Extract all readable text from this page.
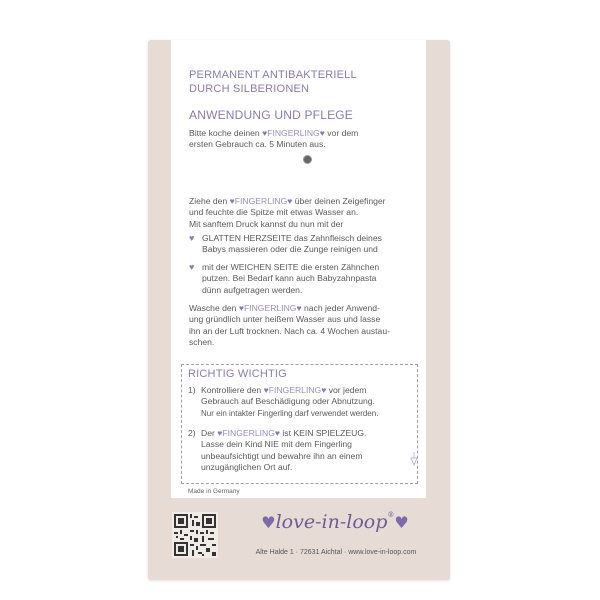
PERMANENT ANTIBAKTERIELL
DURCH SILBERIONEN
ANWENDUNG UND PFLEGE
Bitte koche deinen ♥FINGERLING♥ vor dem
ersten Gebrauch ca. 5 Minuten aus.
Ziehe den ♥FINGERLING♥ über deinen Zeigefinger
und feuchte die Spitze mit etwas Wasser an.
Mit sanftem Druck kannst du nun mit der
♥ GLATTEN HERZSEITE das Zahnfleisch deines
Babys massieren oder die Zunge reinigen und
♥ mit der WEICHEN SEITE die ersten Zähnchen
putzen. Bei Bedarf kann auch Babyzahnpasta
dünn aufgetragen werden.
Wasche den ♥FINGERLING♥ nach jeder Anwend-
ung gründlich unter heißem Wasser aus und lasse
ihn an der Luft trocknen. Nach ca. 4 Wochen austau-
schen.
RICHTIG WICHTIG
1) Kontrolliere den ♥FINGERLING♥ vor jedem
Gebrauch auf Beschädigung oder Abnutzung.
Nur ein intakter Fingerling darf verwendet werden.
2) Der ♥FINGERLING♥ ist KEIN SPIELZEUG.
Lasse dein Kind NIE mit dem Fingerling
unbeaufsichtigt und bewahre ihn an einem
unzugänglichen Ort auf.
Made in Germany
♥love-in-loop®♥
Alte Halde 1 · 72631 Aichtal · www.love-in-loop.com
